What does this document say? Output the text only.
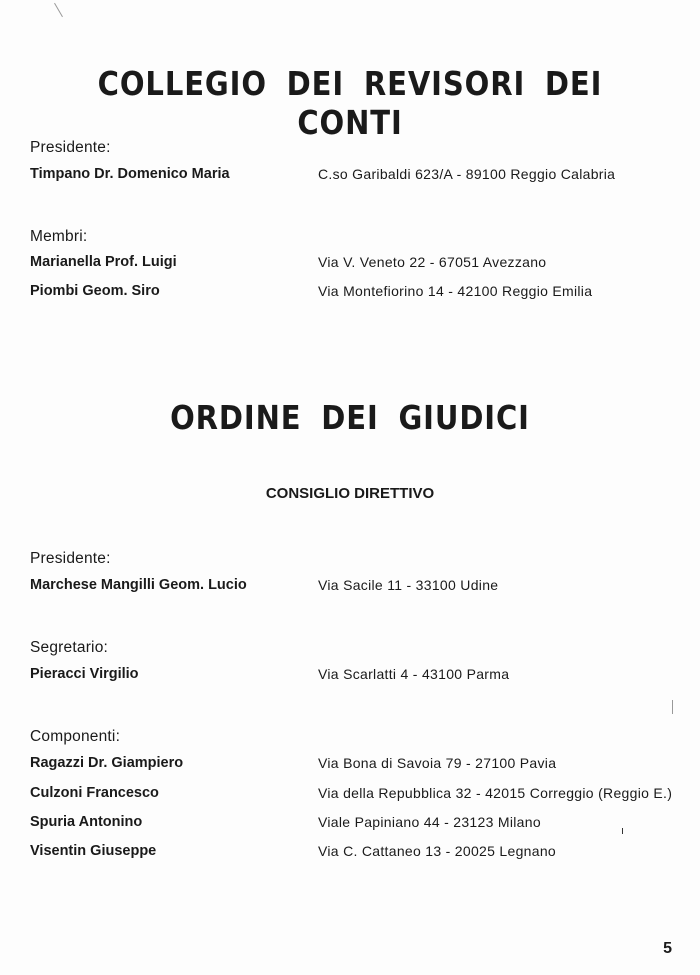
COLLEGIO DEI REVISORI DEI CONTI
Presidente:
Timpano Dr. Domenico Maria	C.so Garibaldi 623/A - 89100 Reggio Calabria
Membri:
Marianella Prof. Luigi	Via V. Veneto 22 - 67051 Avezzano
Piombi Geom. Siro	Via Montefiorino 14 - 42100 Reggio Emilia
ORDINE DEI GIUDICI
CONSIGLIO DIRETTIVO
Presidente:
Marchese Mangilli Geom. Lucio	Via Sacile 11 - 33100 Udine
Segretario:
Pieracci Virgilio	Via Scarlatti 4 - 43100 Parma
Componenti:
Ragazzi Dr. Giampiero	Via Bona di Savoia 79 - 27100 Pavia
Culzoni Francesco	Via della Repubblica 32 - 42015 Correggio (Reggio E.)
Spuria Antonino	Viale Papiniano 44 - 23123 Milano
Visentin Giuseppe	Via C. Cattaneo 13 - 20025 Legnano
5
